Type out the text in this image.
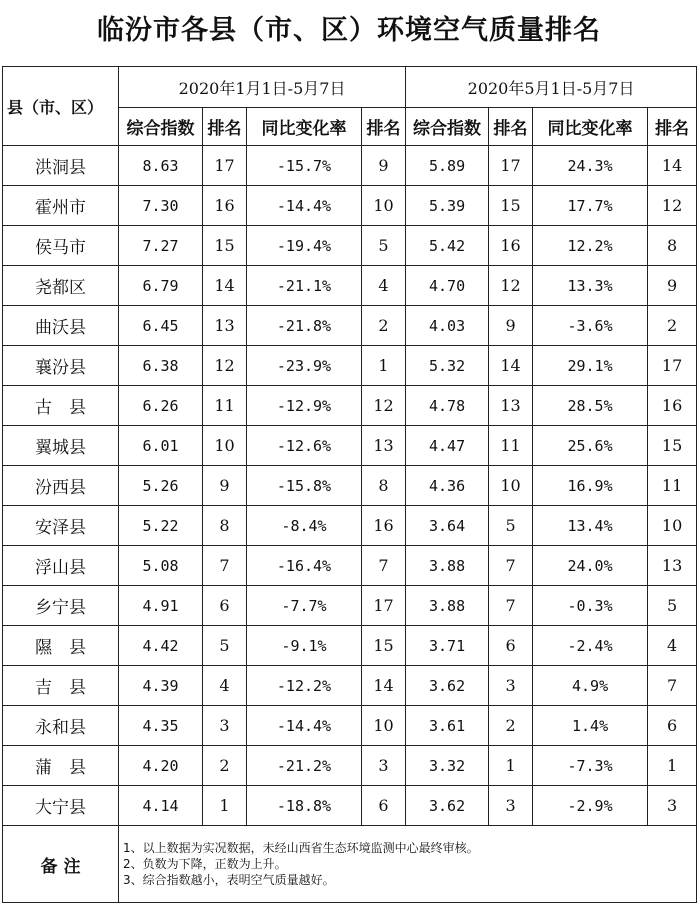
临汾市各县（市、区）环境空气质量排名
县（市、区）	2020年1月1日-5月7日				2020年5月1日-5月7日			
	综合指数	排名	同比变化率	排名	综合指数	排名	同比变化率	排名
洪洞县	8.63	17	-15.7%	9	5.89	17	24.3%	14
霍州市	7.30	16	-14.4%	10	5.39	15	17.7%	12
侯马市	7.27	15	-19.4%	5	5.42	16	12.2%	8
尧都区	6.79	14	-21.1%	4	4.70	12	13.3%	9
曲沃县	6.45	13	-21.8%	2	4.03	9	-3.6%	2
襄汾县	6.38	12	-23.9%	1	5.32	14	29.1%	17
古　县	6.26	11	-12.9%	12	4.78	13	28.5%	16
翼城县	6.01	10	-12.6%	13	4.47	11	25.6%	15
汾西县	5.26	9	-15.8%	8	4.36	10	16.9%	11
安泽县	5.22	8	-8.4%	16	3.64	5	13.4%	10
浮山县	5.08	7	-16.4%	7	3.88	7	24.0%	13
乡宁县	4.91	6	-7.7%	17	3.88	7	-0.3%	5
隰　县	4.42	5	-9.1%	15	3.71	6	-2.4%	4
吉　县	4.39	4	-12.2%	14	3.62	3	4.9%	7
永和县	4.35	3	-14.4%	10	3.61	2	1.4%	6
蒲　县	4.20	2	-21.2%	3	3.32	1	-7.3%	1
大宁县	4.14	1	-18.8%	6	3.62	3	-2.9%	3
备 注	1、以上数据为实况数据，未经山西省生态环境监测中心最终审核。
2、负数为下降，正数为上升。
3、综合指数越小，表明空气质量越好。							
